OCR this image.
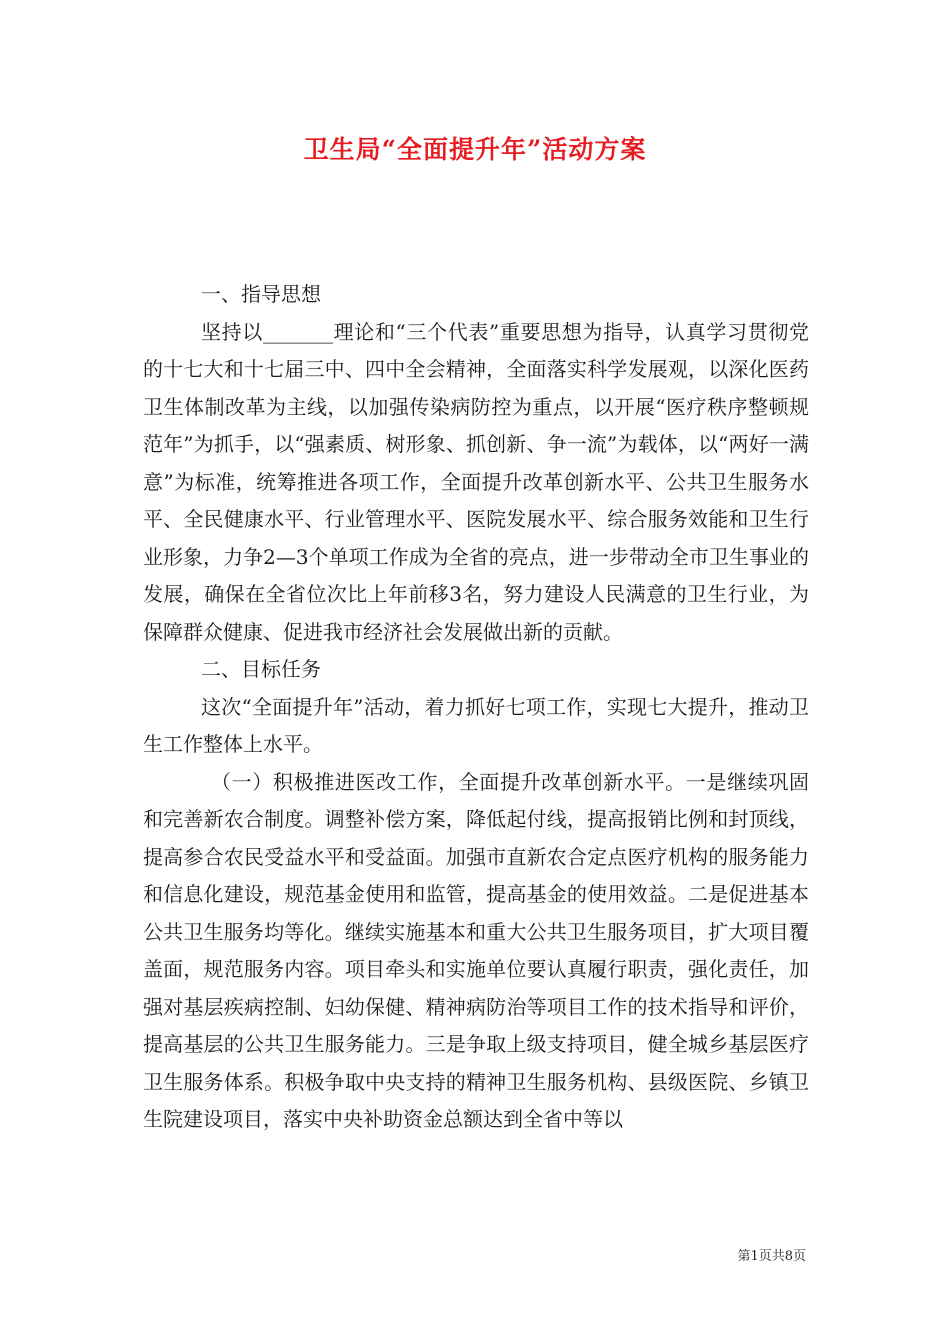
卫生局“全面提升年”活动方案

一、指导思想

坚持以_______理论和“三个代表”重要思想为指导，认真学习贯彻党的十七大和十七届三中、四中全会精神，全面落实科学发展观，以深化医药卫生体制改革为主线，以加强传染病防控为重点，以开展“医疗秩序整顿规范年”为抓手，以“强素质、树形象、抓创新、争一流”为载体，以“两好一满意”为标准，统筹推进各项工作，全面提升改革创新水平、公共卫生服务水平、全民健康水平、行业管理水平、医院发展水平、综合服务效能和卫生行业形象，力争2—3个单项工作成为全省的亮点，进一步带动全市卫生事业的发展，确保在全省位次比上年前移3名，努力建设人民满意的卫生行业，为保障群众健康、促进我市经济社会发展做出新的贡献。

二、目标任务

这次“全面提升年”活动，着力抓好七项工作，实现七大提升，推动卫生工作整体上水平。

（一）积极推进医改工作，全面提升改革创新水平。一是继续巩固和完善新农合制度。调整补偿方案，降低起付线，提高报销比例和封顶线，提高参合农民受益水平和受益面。加强市直新农合定点医疗机构的服务能力和信息化建设，规范基金使用和监管，提高基金的使用效益。二是促进基本公共卫生服务均等化。继续实施基本和重大公共卫生服务项目，扩大项目覆盖面，规范服务内容。项目牵头和实施单位要认真履行职责，强化责任，加强对基层疾病控制、妇幼保健、精神病防治等项目工作的技术指导和评价，提高基层的公共卫生服务能力。三是争取上级支持项目，健全城乡基层医疗卫生服务体系。积极争取中央支持的精神卫生服务机构、县级医院、乡镇卫生院建设项目，落实中央补助资金总额达到全省中等以

第1页共8页
